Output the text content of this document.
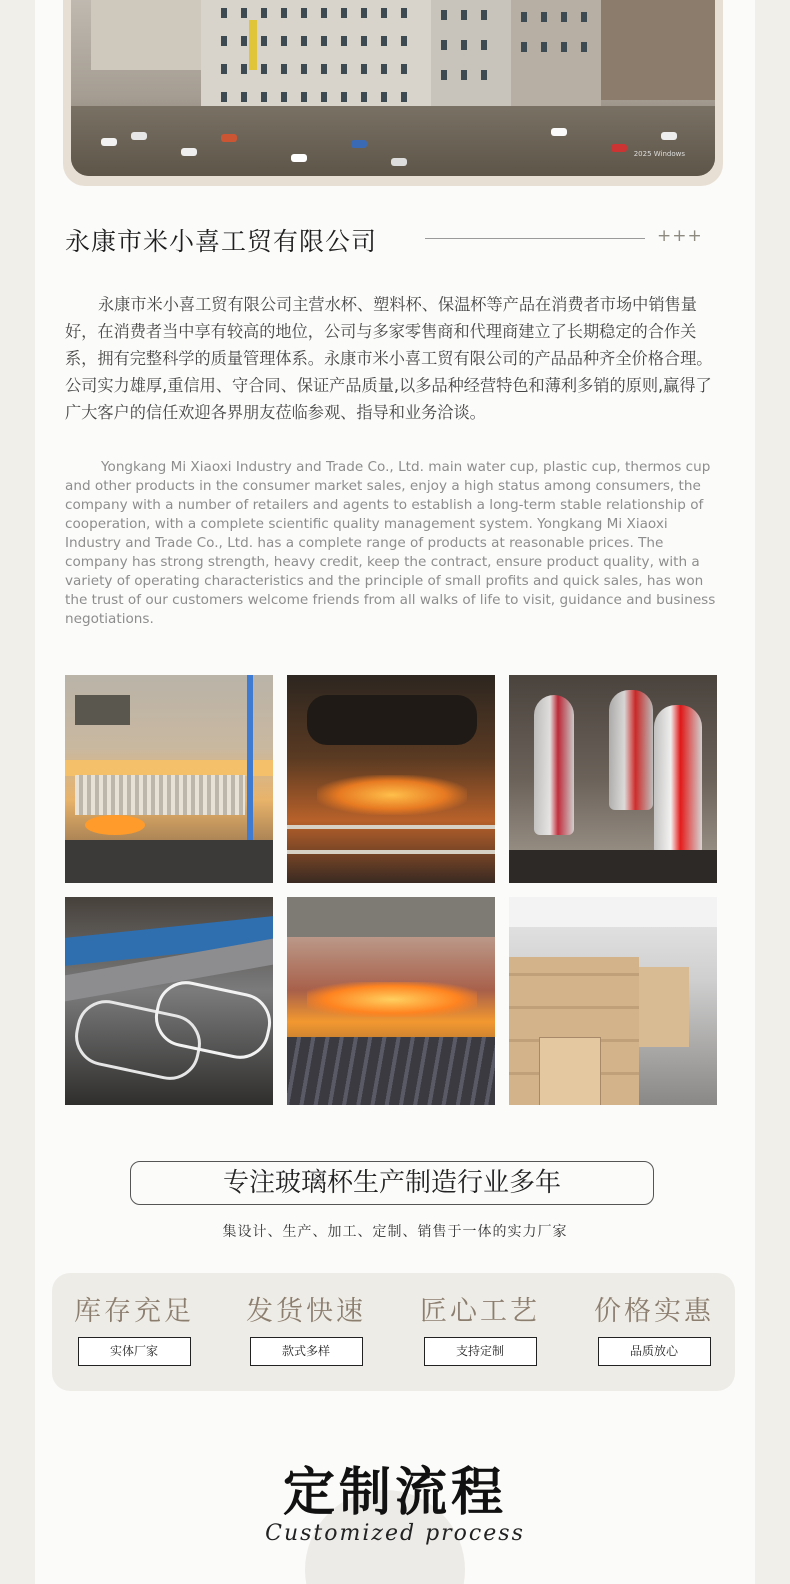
2025 Windows
永康市米小喜工贸有限公司	+++
永康市米小喜工贸有限公司主营水杯、塑料杯、保温杯等产品在消费者市场中销售量好，在消费者当中享有较高的地位，公司与多家零售商和代理商建立了长期稳定的合作关系，拥有完整科学的质量管理体系。永康市米小喜工贸有限公司的产品品种齐全价格合理。公司实力雄厚,重信用、守合同、保证产品质量,以多品种经营特色和薄利多销的原则,赢得了广大客户的信任欢迎各界朋友莅临参观、指导和业务洽谈。
Yongkang Mi Xiaoxi Industry and Trade Co., Ltd. main water cup, plastic cup, thermos cup and other products in the consumer market sales, enjoy a high status among consumers, the company with a number of retailers and agents to establish a long-term stable relationship of cooperation, with a complete scientific quality management system. Yongkang Mi Xiaoxi Industry and Trade Co., Ltd. has a complete range of products at reasonable prices. The company has strong strength, heavy credit, keep the contract, ensure product quality, with a variety of operating characteristics and the principle of small profits and quick sales, has won the trust of our customers welcome friends from all walks of life to visit, guidance and business negotiations.
专注玻璃杯生产制造行业多年
集设计、生产、加工、定制、销售于一体的实力厂家
库存充足
实体厂家
发货快速
款式多样
匠心工艺
支持定制
价格实惠
品质放心
定制流程
Customized process
